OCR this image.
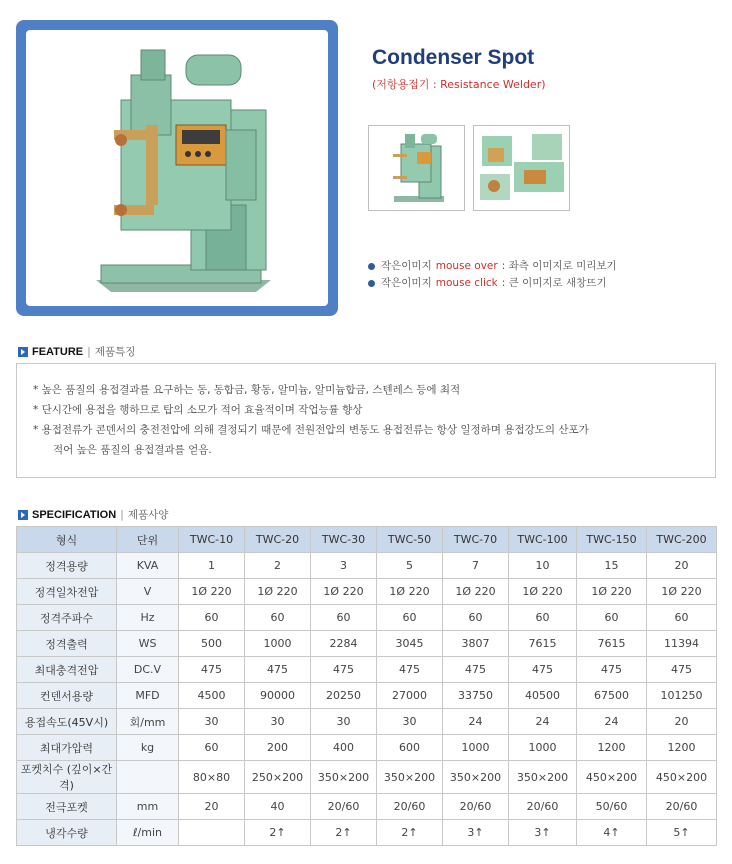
Condenser Spot
(저항용접기 : Resistance Welder)
작은이미지 mouse over : 좌측 이미지로 미리보기
작은이미지 mouse click : 큰 이미지로 새창뜨기
FEATURE | 제품특징
* 높은 품질의 용접결과를 요구하는 동, 동합금, 황동, 알미늄, 알미늄합금, 스텐레스 등에 최적
* 단시간에 용접을 행하므로 탑의 소모가 적어 효율적이며 작업능률 향상
* 용접전류가 콘덴서의 충전전압에 의해 결정되기 때문에 전원전압의 변동도 용접전류는 항상 일정하며 용접강도의 산포가
적어 높은 품질의 용접결과를 얻음.
SPECIFICATION | 제품사양
형식	단위	TWC-10	TWC-20	TWC-30	TWC-50	TWC-70	TWC-100	TWC-150	TWC-200
정격용량	KVA	1	2	3	5	7	10	15	20
정격일차전압	V	1Ø 220	1Ø 220	1Ø 220	1Ø 220	1Ø 220	1Ø 220	1Ø 220	1Ø 220
정격주파수	Hz	60	60	60	60	60	60	60	60
정격출력	WS	500	1000	2284	3045	3807	7615	7615	11394
최대충격전압	DC.V	475	475	475	475	475	475	475	475
컨덴서용량	MFD	4500	90000	20250	27000	33750	40500	67500	101250
용접속도(45V시)	회/mm	30	30	30	30	24	24	24	20
최대가압력	kg	60	200	400	600	1000	1000	1200	1200
포켓치수 (깊이×간격)		80×80	250×200	350×200	350×200	350×200	350×200	450×200	450×200
전극포켓	mm	20	40	20/60	20/60	20/60	20/60	50/60	20/60
냉각수량	ℓ/min		2↑	2↑	2↑	3↑	3↑	4↑	5↑
